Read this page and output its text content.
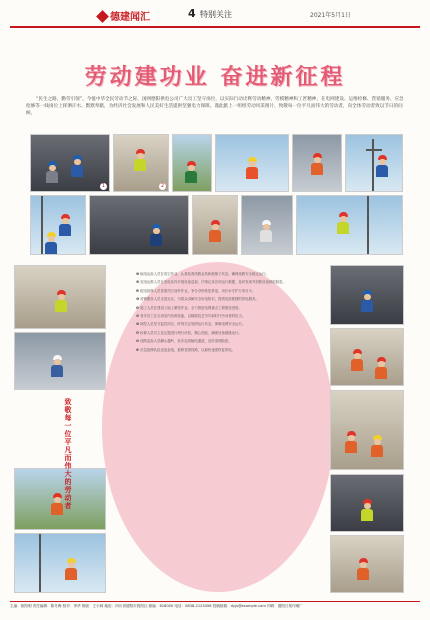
德建闻汇	4 特别关注	2021年5月1日
劳动建功业 奋进新征程
“民生之路，勤劳引领”。今值中华全民劳动节之际，国网德阳供电公司广大员工坚守岗位，以实际行动诠释劳动精神、劳模精神和工匠精神，在电网建设、运维检修、营销服务、应急抢修等一线岗位上挥洒汗水、默默奉献，为经济社会发展和人民美好生活提供坚强电力保障。谨此献上一组组劳动风采图片，致敬每一位平凡而伟大的劳动者，向全体劳动者致以节日的问候。
1	2
致敬每一位平凡而伟大的劳动者

❶ 输电运检人员在高空作业，认真检查线路金具和绝缘子状态，确保线路安全稳定运行。

❷ 变电运维人员在变电站内开展设备巡视，仔细记录各项运行数据，及时发现并消除设备缺陷隐患。

❸ 配电抢修人员冒着烈日登杆作业，争分夺秒恢复供电，用汗水守护万家灯火。

❹ 营销服务人员走进社区，为群众讲解安全用电知识，提供优质便捷的供电服务。

❺ 施工人员在建设工地上紧张作业，全力推进电网重点工程建设进度。

❻ 青年员工在实训室内苦练技能，以精湛技艺书写新时代劳动者的担当。

❼ 调控人员坚守监控岗位，时刻关注电网运行状态，保障电网安全运行。

❽ 检修人员对主变压器进行例行试验，精心细致，确保设备健康运行。

❾ 线路巡视人员翻山越岭，徒步巡查输电通道，及时清理隐患。

❿ 应急抢修队伍连夜奋战，抢修受损线路，以最快速度恢复供电。

主编：欧阳明 责任编辑：陈冬梅 校对：李华 排版：王小林 地址：四川省德阳市旌阳区 邮编：618000 电话：0838-2123456 投稿邮箱：dyjs@example.com 印刷：德阳日报印刷厂
